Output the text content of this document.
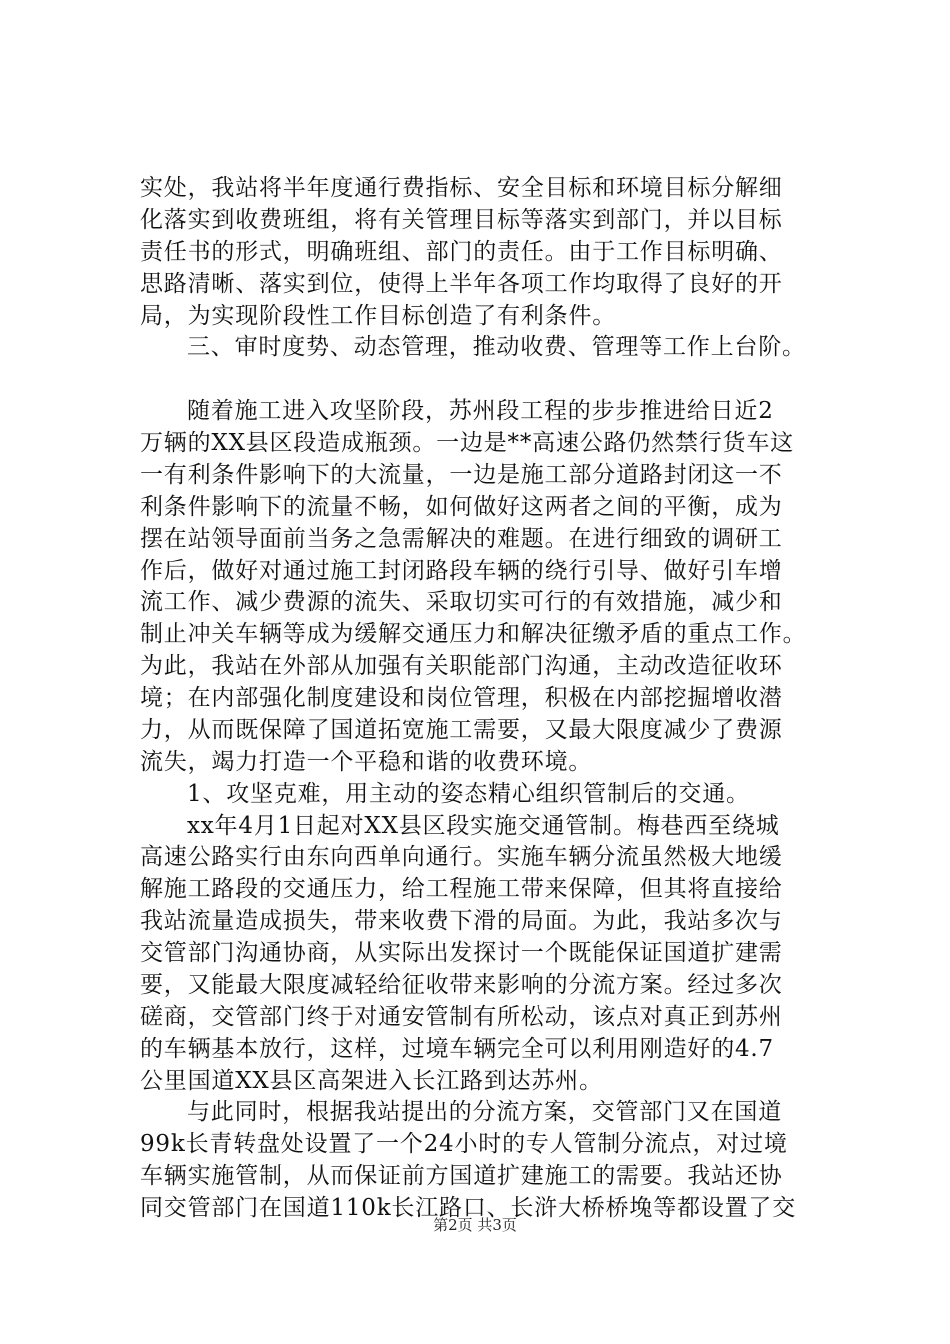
第2页 共3页
实处，我站将半年度通行费指标、安全目标和环境目标分解细
化落实到收费班组，将有关管理目标等落实到部门，并以目标
责任书的形式，明确班组、部门的责任。由于工作目标明确、
思路清晰、落实到位，使得上半年各项工作均取得了良好的开
局，为实现阶段性工作目标创造了有利条件。
三、审时度势、动态管理，推动收费、管理等工作上台阶。
随着施工进入攻坚阶段，苏州段工程的步步推进给日近2
万辆的XX县区段造成瓶颈。一边是**高速公路仍然禁行货车这
一有利条件影响下的大流量，一边是施工部分道路封闭这一不
利条件影响下的流量不畅，如何做好这两者之间的平衡，成为
摆在站领导面前当务之急需解决的难题。在进行细致的调研工
作后，做好对通过施工封闭路段车辆的绕行引导、做好引车增
流工作、减少费源的流失、采取切实可行的有效措施，减少和
制止冲关车辆等成为缓解交通压力和解决征缴矛盾的重点工作。
为此，我站在外部从加强有关职能部门沟通，主动改造征收环
境；在内部强化制度建设和岗位管理，积极在内部挖掘增收潜
力，从而既保障了国道拓宽施工需要，又最大限度减少了费源
流失，竭力打造一个平稳和谐的收费环境。
1、攻坚克难，用主动的姿态精心组织管制后的交通。
xx年4月1日起对XX县区段实施交通管制。梅巷西至绕城
高速公路实行由东向西单向通行。实施车辆分流虽然极大地缓
解施工路段的交通压力，给工程施工带来保障，但其将直接给
我站流量造成损失，带来收费下滑的局面。为此，我站多次与
交管部门沟通协商，从实际出发探讨一个既能保证国道扩建需
要，又能最大限度减轻给征收带来影响的分流方案。经过多次
磋商，交管部门终于对通安管制有所松动，该点对真正到苏州
的车辆基本放行，这样，过境车辆完全可以利用刚造好的4.7
公里国道XX县区高架进入长江路到达苏州。
与此同时，根据我站提出的分流方案，交管部门又在国道
99k长青转盘处设置了一个24小时的专人管制分流点，对过境
车辆实施管制，从而保证前方国道扩建施工的需要。我站还协
同交管部门在国道110k长江路口、长浒大桥桥堍等都设置了交
